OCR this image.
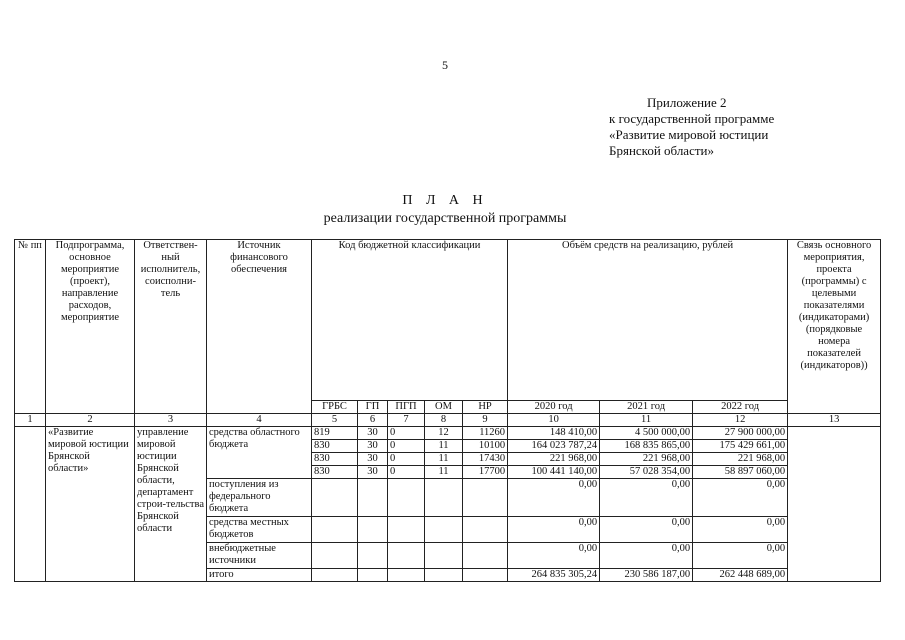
5
Приложение 2
к государственной программе
«Развитие мировой юстиции
Брянской области»
П Л А Н
реализации государственной программы
№ пп	Подпрограмма, основное мероприятие (проект), направление расходов, мероприятие	Ответствен-ный исполнитель, соисполни-тель	Источник финансового обеспечения	Код бюджетной классификации					Объём средств на реализацию, рублей			Связь основного мероприятия, проекта (программы) с целевыми показателями (индикаторами) (порядковые номера показателей (индикаторов))
				ГРБС	ГП	ПГП	ОМ	НР	2020 год	2021 год	2022 год	
1	2	3	4	5	6	7	8	9	10	11	12	13
	«Развитие мировой юстиции Брянской области»	управление мировой юстиции Брянской области, департамент строи-тельства Брянской области	средства областного бюджета	819	30	0	12	11260	148 410,00	4 500 000,00	27 900 000,00	
				830	30	0	11	10100	164 023 787,24	168 835 865,00	175 429 661,00	
				830	30	0	11	17430	221 968,00	221 968,00	221 968,00	
				830	30	0	11	17700	100 441 140,00	57 028 354,00	58 897 060,00	
			поступления из федерального бюджета						0,00	0,00	0,00	
			средства местных бюджетов						0,00	0,00	0,00	
			внебюджетные источники						0,00	0,00	0,00	
			итого						264 835 305,24	230 586 187,00	262 448 689,00	
